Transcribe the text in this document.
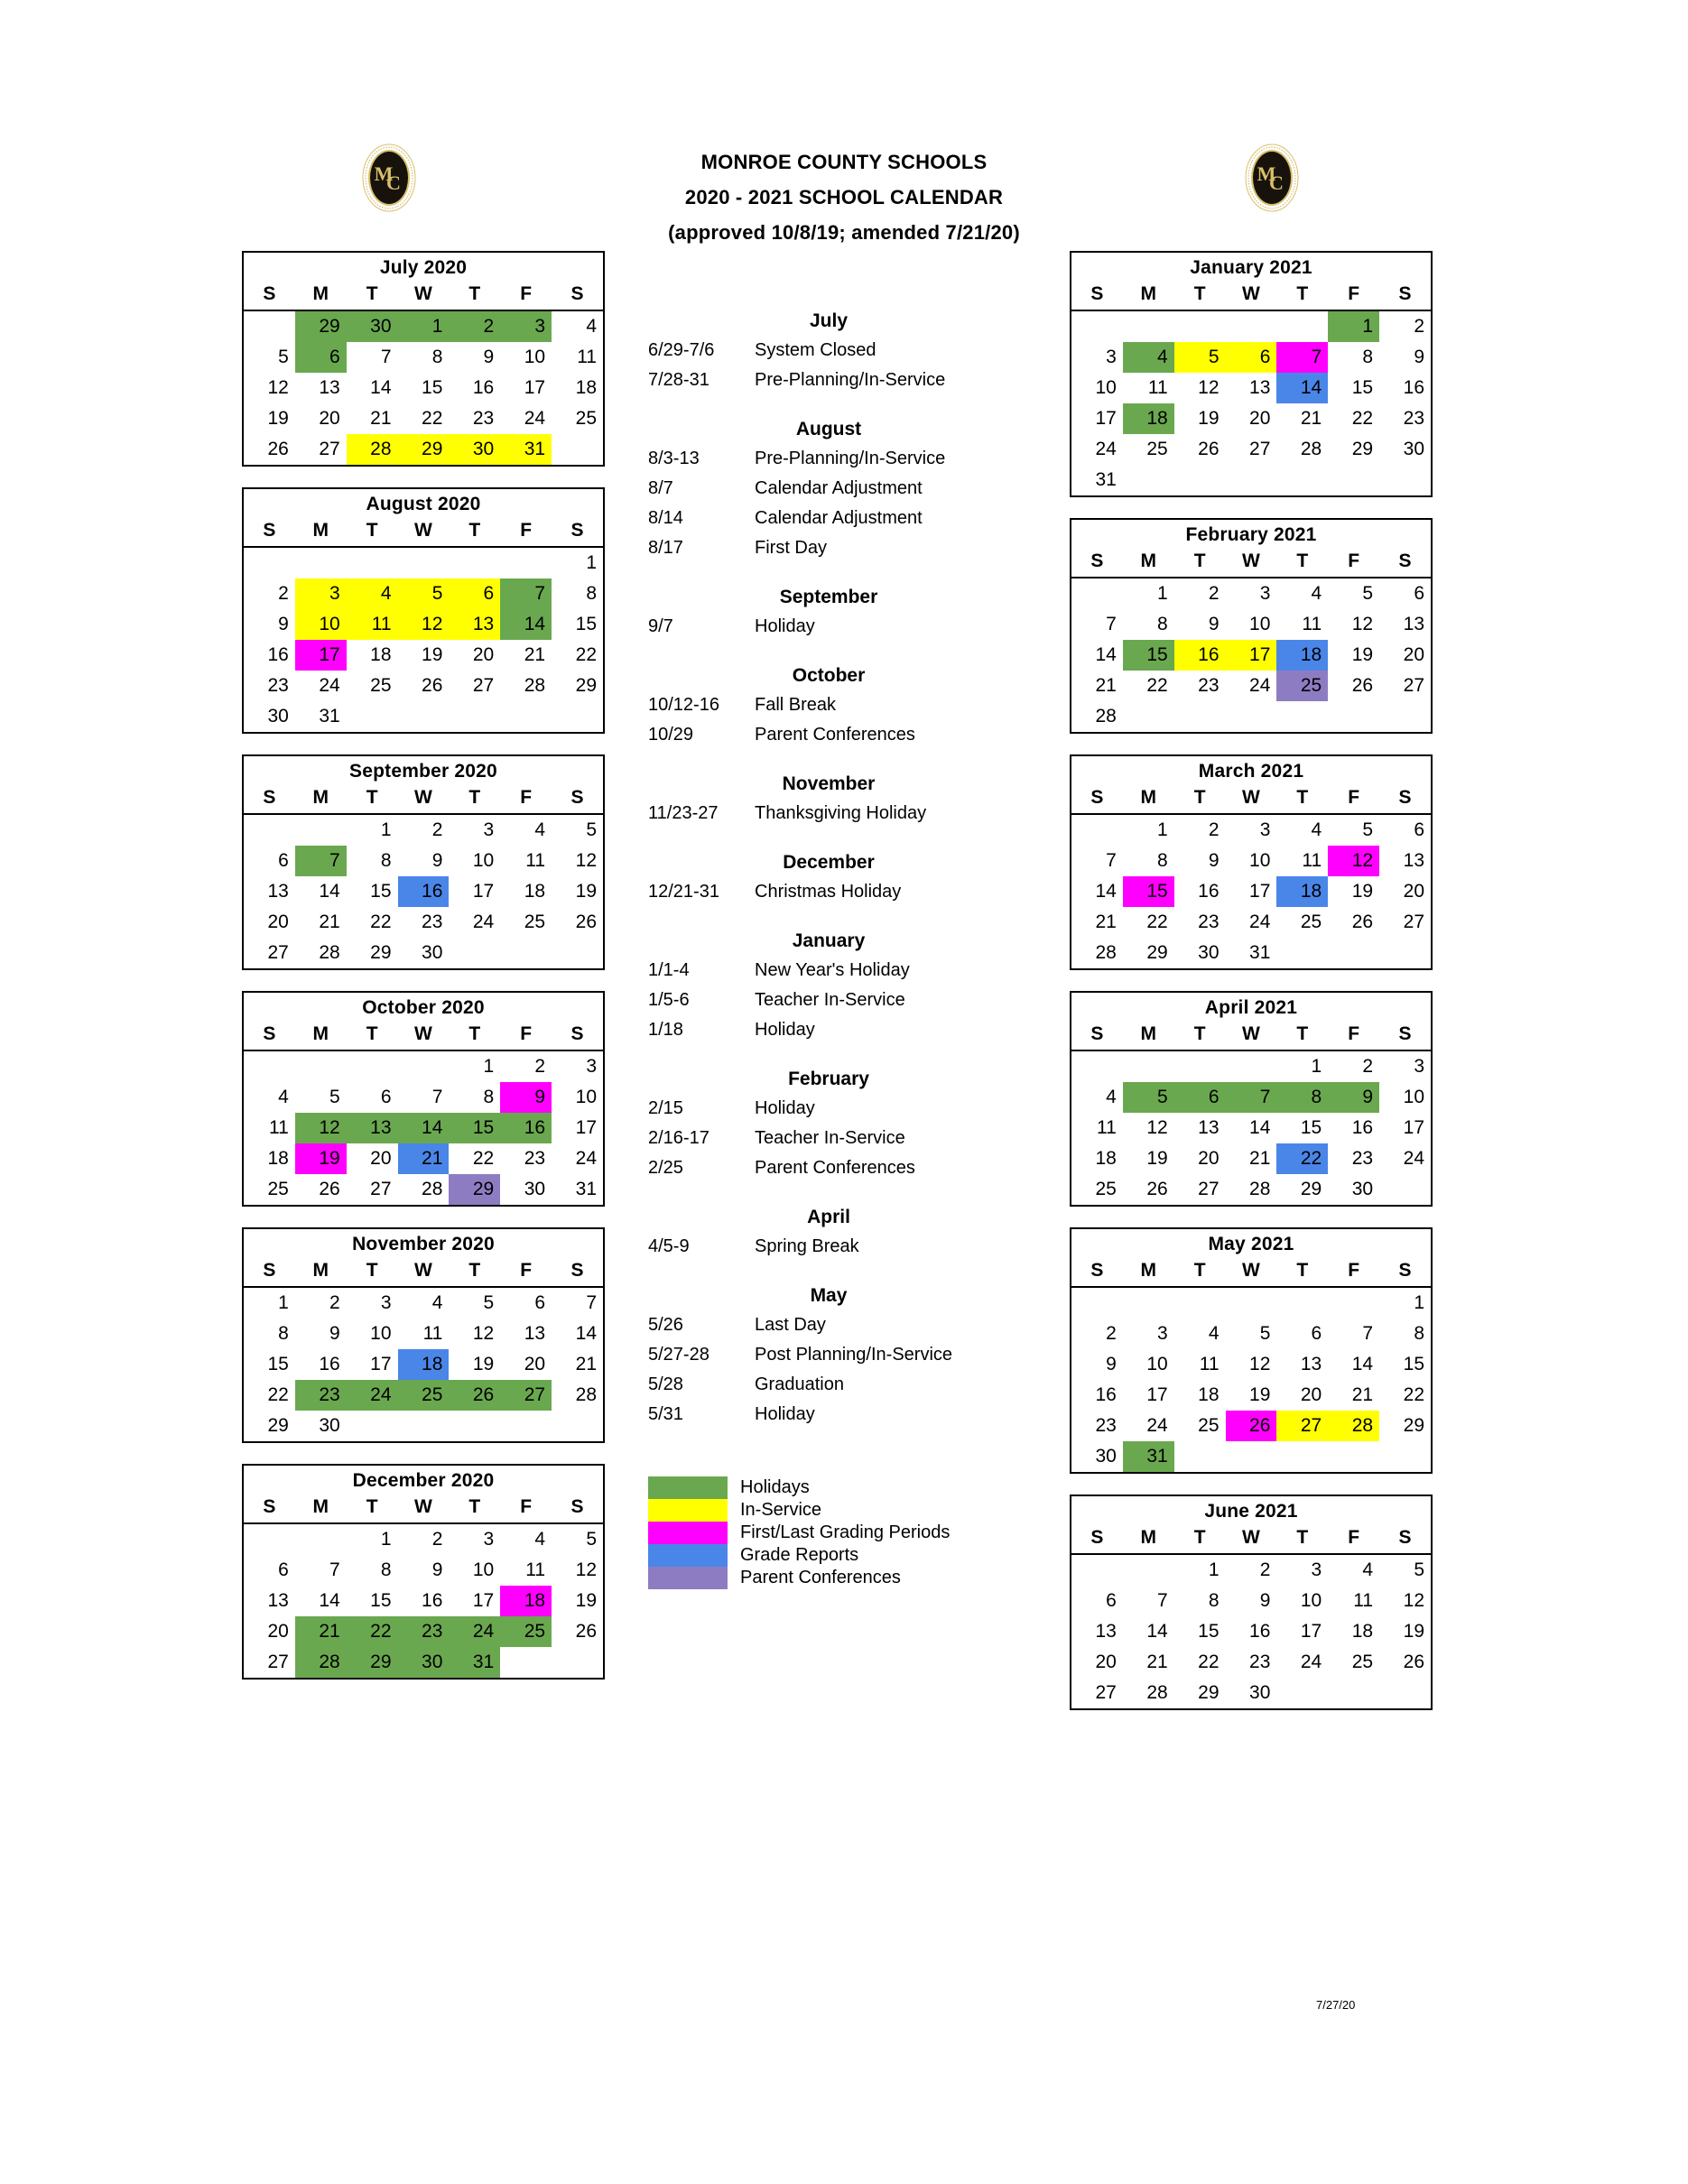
M
C
MONROE COUNTY SCHOOLS
2020 - 2021 SCHOOL CALENDAR
(approved 10/8/19; amended 7/21/20)
M
C
July 2020
S	M	T	W	T	F	S
	29	30	1	2	3	4
5	6	7	8	9	10	11
12	13	14	15	16	17	18
19	20	21	22	23	24	25
26	27	28	29	30	31	
August 2020
S	M	T	W	T	F	S
						1
2	3	4	5	6	7	8
9	10	11	12	13	14	15
16	17	18	19	20	21	22
23	24	25	26	27	28	29
30	31					
September 2020
S	M	T	W	T	F	S
		1	2	3	4	5
6	7	8	9	10	11	12
13	14	15	16	17	18	19
20	21	22	23	24	25	26
27	28	29	30			
October 2020
S	M	T	W	T	F	S
				1	2	3
4	5	6	7	8	9	10
11	12	13	14	15	16	17
18	19	20	21	22	23	24
25	26	27	28	29	30	31
November 2020
S	M	T	W	T	F	S
1	2	3	4	5	6	7
8	9	10	11	12	13	14
15	16	17	18	19	20	21
22	23	24	25	26	27	28
29	30					
December 2020
S	M	T	W	T	F	S
		1	2	3	4	5
6	7	8	9	10	11	12
13	14	15	16	17	18	19
20	21	22	23	24	25	26
27	28	29	30	31		
July
6/29-7/6	System Closed
7/28-31	Pre-Planning/In-Service
August
8/3-13	Pre-Planning/In-Service
8/7	Calendar Adjustment
8/14	Calendar Adjustment
8/17	First Day
September
9/7	Holiday
October
10/12-16	Fall Break
10/29	Parent Conferences
November
11/23-27	Thanksgiving Holiday
December
12/21-31	Christmas Holiday
January
1/1-4	New Year's Holiday
1/5-6	Teacher In-Service
1/18	Holiday
February
2/15	Holiday
2/16-17	Teacher In-Service
2/25	Parent Conferences
April
4/5-9	Spring Break
May
5/26	Last Day
5/27-28	Post Planning/In-Service
5/28	Graduation
5/31	Holiday
Holidays
In-Service
First/Last Grading Periods
Grade Reports
Parent Conferences
January 2021
S	M	T	W	T	F	S
					1	2
3	4	5	6	7	8	9
10	11	12	13	14	15	16
17	18	19	20	21	22	23
24	25	26	27	28	29	30
31						
February 2021
S	M	T	W	T	F	S
	1	2	3	4	5	6
7	8	9	10	11	12	13
14	15	16	17	18	19	20
21	22	23	24	25	26	27
28						
March 2021
S	M	T	W	T	F	S
	1	2	3	4	5	6
7	8	9	10	11	12	13
14	15	16	17	18	19	20
21	22	23	24	25	26	27
28	29	30	31			
April 2021
S	M	T	W	T	F	S
				1	2	3
4	5	6	7	8	9	10
11	12	13	14	15	16	17
18	19	20	21	22	23	24
25	26	27	28	29	30	
May 2021
S	M	T	W	T	F	S
						1
2	3	4	5	6	7	8
9	10	11	12	13	14	15
16	17	18	19	20	21	22
23	24	25	26	27	28	29
30	31					
June 2021
S	M	T	W	T	F	S
		1	2	3	4	5
6	7	8	9	10	11	12
13	14	15	16	17	18	19
20	21	22	23	24	25	26
27	28	29	30			
7/27/20
